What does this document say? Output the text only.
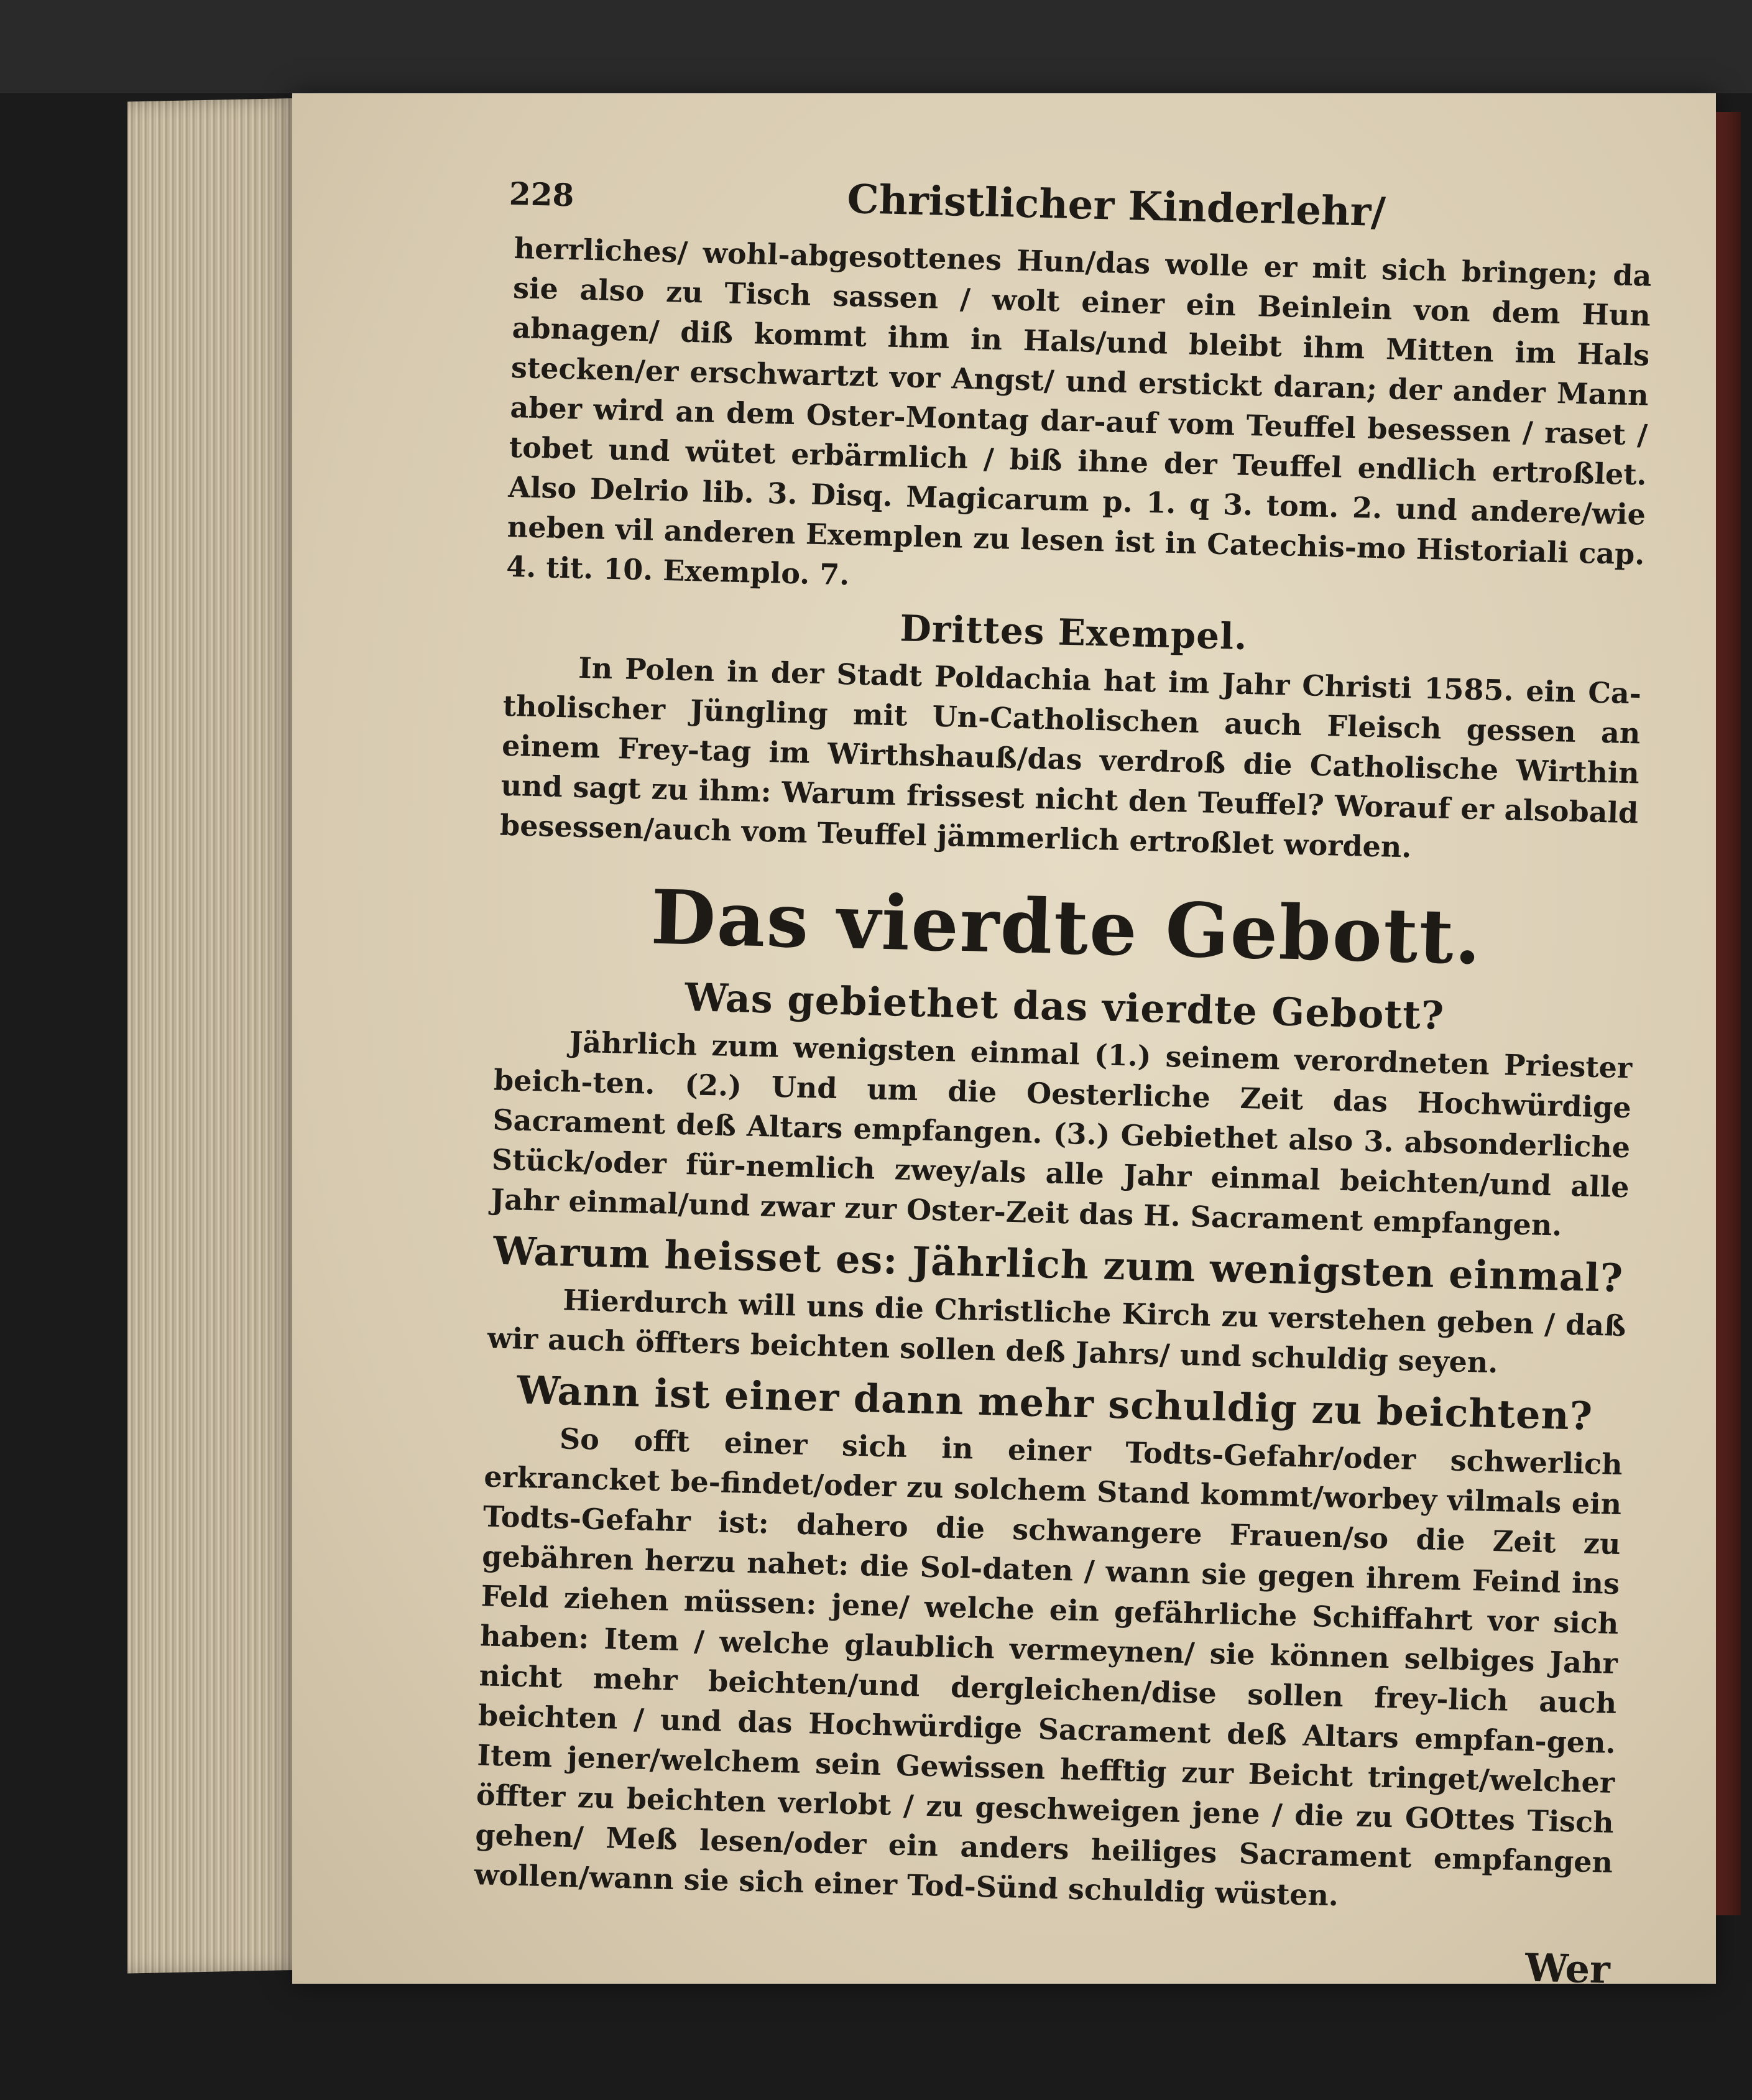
228	Christlicher Kinderlehr/

herrliches/ wohl-abgesottenes Hun/das wolle er mit sich bringen; da sie also zu Tisch sassen / wolt einer ein Beinlein von dem Hun abnagen/ diß kommt ihm in Hals/und bleibt ihm Mitten im Hals stecken/er erschwartzt vor Angst/ und erstickt daran; der ander Mann aber wird an dem Oster-Montag dar-auf vom Teuffel besessen / raset / tobet und wütet erbärmlich / biß ihne der Teuffel endlich ertroßlet. Also Delrio lib. 3. Disq. Magicarum p. 1. q 3. tom. 2. und andere/wie neben vil anderen Exemplen zu lesen ist in Catechis-mo Historiali cap. 4. tit. 10. Exemplo. 7.

Drittes Exempel.

In Polen in der Stadt Poldachia hat im Jahr Christi 1585. ein Ca-tholischer Jüngling mit Un-Catholischen auch Fleisch gessen an einem Frey-tag im Wirthshauß/das verdroß die Catholische Wirthin und sagt zu ihm: Warum frissest nicht den Teuffel? Worauf er alsobald besessen/auch vom Teuffel jämmerlich ertroßlet worden.

Das vierdte Gebott.
Was gebiethet das vierdte Gebott?

Jährlich zum wenigsten einmal (1.) seinem verordneten Priester beich-ten. (2.) Und um die Oesterliche Zeit das Hochwürdige Sacrament deß Altars empfangen. (3.) Gebiethet also 3. absonderliche Stück/oder für-nemlich zwey/als alle Jahr einmal beichten/und alle Jahr einmal/und zwar zur Oster-Zeit das H. Sacrament empfangen.

Warum heisset es: Jährlich zum wenigsten einmal?

Hierdurch will uns die Christliche Kirch zu verstehen geben / daß wir auch öffters beichten sollen deß Jahrs/ und schuldig seyen.

Wann ist einer dann mehr schuldig zu beichten?

So offt einer sich in einer Todts-Gefahr/oder schwerlich erkrancket be-findet/oder zu solchem Stand kommt/worbey vilmals ein Todts-Gefahr ist: dahero die schwangere Frauen/so die Zeit zu gebähren herzu nahet: die Sol-daten / wann sie gegen ihrem Feind ins Feld ziehen müssen: jene/ welche ein gefährliche Schiffahrt vor sich haben: Item / welche glaublich vermeynen/ sie können selbiges Jahr nicht mehr beichten/und dergleichen/dise sollen frey-lich auch beichten / und das Hochwürdige Sacrament deß Altars empfan-gen. Item jener/welchem sein Gewissen hefftig zur Beicht tringet/welcher öffter zu beichten verlobt / zu geschweigen jene / die zu GOttes Tisch gehen/ Meß lesen/oder ein anders heiliges Sacrament empfangen wollen/wann sie sich einer Tod-Sünd schuldig wüsten.

Wer
